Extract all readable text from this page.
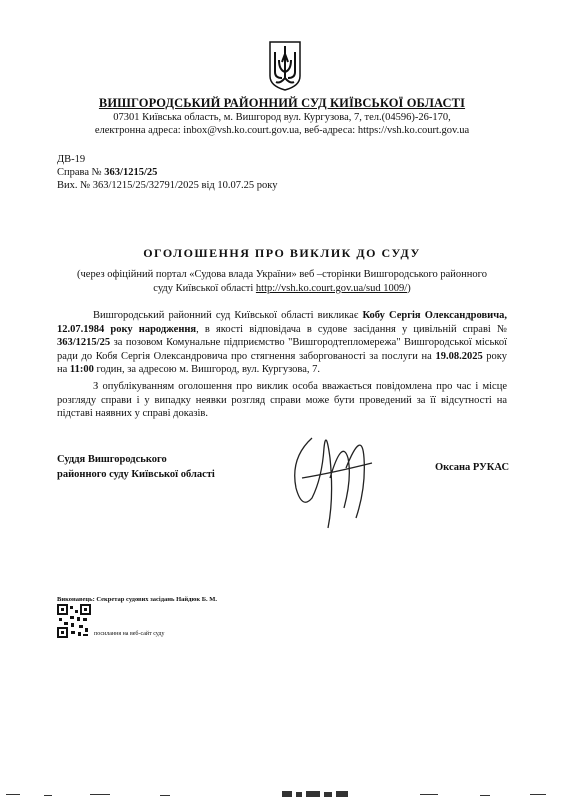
ВИШГОРОДСЬКИЙ РАЙОННИЙ СУД КИЇВСЬКОЇ ОБЛАСТІ
07301 Київська область, м. Вишгород вул. Кургузова, 7, тел.(04596)-26-170,
електронна адреса: inbox@vsh.ko.court.gov.ua, веб-адреса: https://vsh.ko.court.gov.ua
ДВ-19
Справа № 363/1215/25
Вих. № 363/1215/25/32791/2025 від 10.07.25 року
ОГОЛОШЕННЯ ПРО ВИКЛИК ДО СУДУ
(через офіційний портал «Судова влада України» веб –сторінки Вишгородського районного
суду Київської області http://vsh.ko.court.gov.ua/sud 1009/)
Вишгородський районний суд Київської області викликає Кобу Сергія Олександровича, 12.07.1984 року народження, в якості відповідача в судове засідання у цивільній справі № 363/1215/25 за позовом Комунальне підприємство "Вишгородтепломережа" Вишгородської міської ради до Кобя Сергія Олександровича про стягнення заборгованості за послуги на 19.08.2025 року на 11:00 годин, за адресою м. Вишгород, вул. Кургузова, 7.
З опублікуванням оголошення про виклик особа вважається повідомлена про час і місце розгляду справи і у випадку неявки розгляд справи може бути проведений за її відсутності на підставі наявних у справі доказів.
Суддя Вишгородського
районного суду Київської області
Оксана РУКАС
Виконавець: Секретар судових засідань Найдюк Б. М.
посилання на веб-сайт суду
